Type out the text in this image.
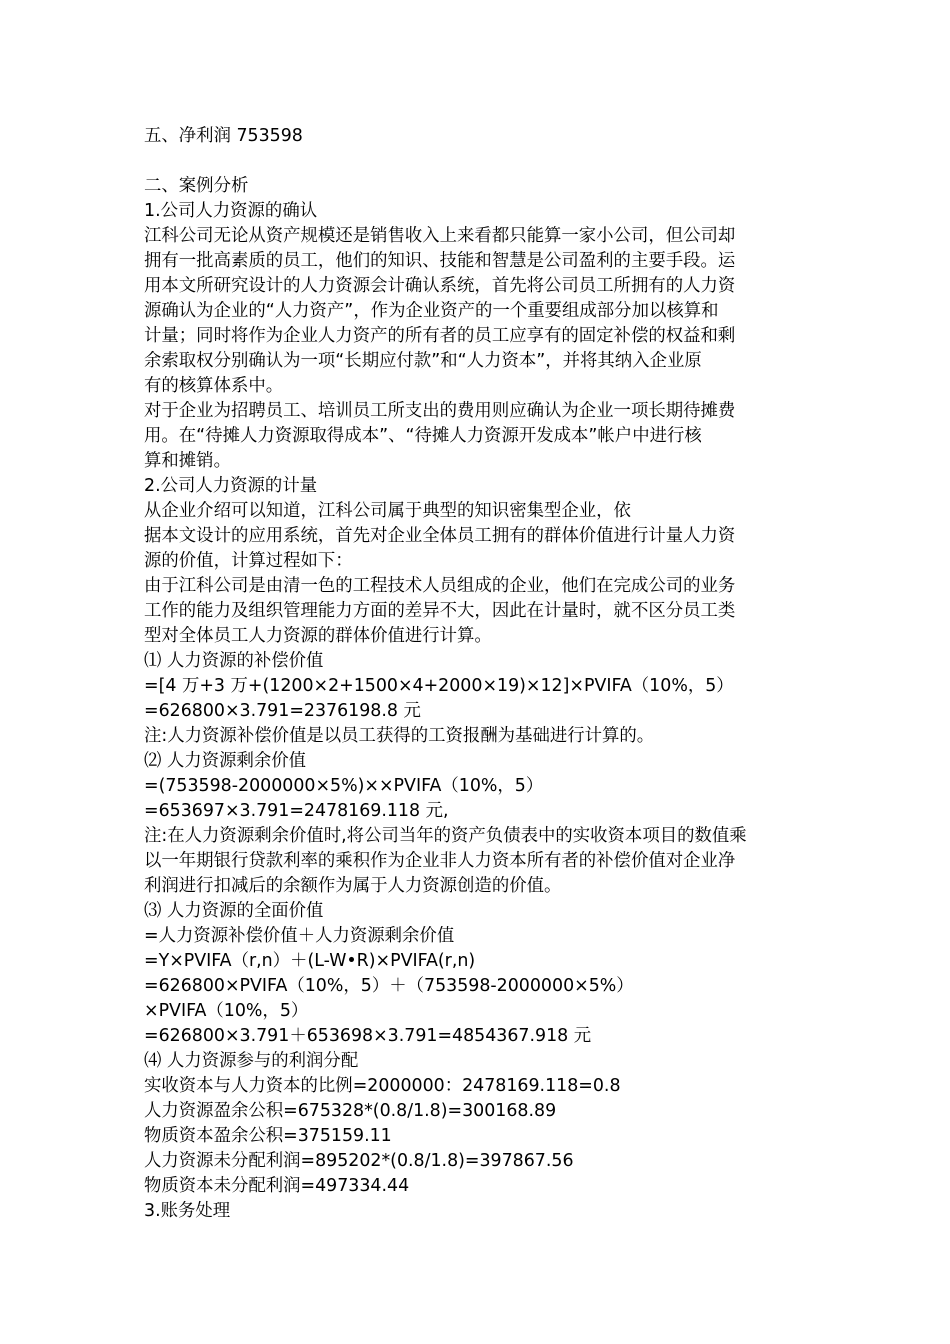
五、净利润 753598
二、案例分析
1.公司人力资源的确认
江科公司无论从资产规模还是销售收入上来看都只能算一家小公司，但公司却
拥有一批高素质的员工，他们的知识、技能和智慧是公司盈利的主要手段。运
用本文所研究设计的人力资源会计确认系统，首先将公司员工所拥有的人力资
源确认为企业的“人力资产”，作为企业资产的一个重要组成部分加以核算和
计量；同时将作为企业人力资产的所有者的员工应享有的固定补偿的权益和剩
余索取权分别确认为一项“长期应付款”和“人力资本”，并将其纳入企业原
有的核算体系中。
对于企业为招聘员工、培训员工所支出的费用则应确认为企业一项长期待摊费
用。在“待摊人力资源取得成本”、“待摊人力资源开发成本”帐户中进行核
算和摊销。
2.公司人力资源的计量
从企业介绍可以知道，江科公司属于典型的知识密集型企业，依
据本文设计的应用系统，首先对企业全体员工拥有的群体价值进行计量人力资
源的价值，计算过程如下：
由于江科公司是由清一色的工程技术人员组成的企业，他们在完成公司的业务
工作的能力及组织管理能力方面的差异不大，因此在计量时，就不区分员工类
型对全体员工人力资源的群体价值进行计算。
⑴ 人力资源的补偿价值
=[4 万+3 万+(1200×2+1500×4+2000×19)×12]×PVIFA（10%，5）
=626800×3.791=2376198.8 元
注:人力资源补偿价值是以员工获得的工资报酬为基础进行计算的。
⑵ 人力资源剩余价值
=(753598-2000000×5%)××PVIFA（10%，5）
=653697×3.791=2478169.118 元,
注:在人力资源剩余价值时,将公司当年的资产负债表中的实收资本项目的数值乘
以一年期银行贷款利率的乘积作为企业非人力资本所有者的补偿价值对企业净
利润进行扣减后的余额作为属于人力资源创造的价值。
⑶ 人力资源的全面价值
=人力资源补偿价值＋人力资源剩余价值
=Y×PVIFA（r,n）＋(L-W•R)×PVIFA(r,n)
=626800×PVIFA（10%，5）＋（753598-2000000×5%）
×PVIFA（10%，5）
=626800×3.791＋653698×3.791=4854367.918 元
⑷ 人力资源参与的利润分配
实收资本与人力资本的比例=2000000：2478169.118=0.8
人力资源盈余公积=675328*(0.8/1.8)=300168.89
物质资本盈余公积=375159.11
人力资源未分配利润=895202*(0.8/1.8)=397867.56
物质资本未分配利润=497334.44
3.账务处理
